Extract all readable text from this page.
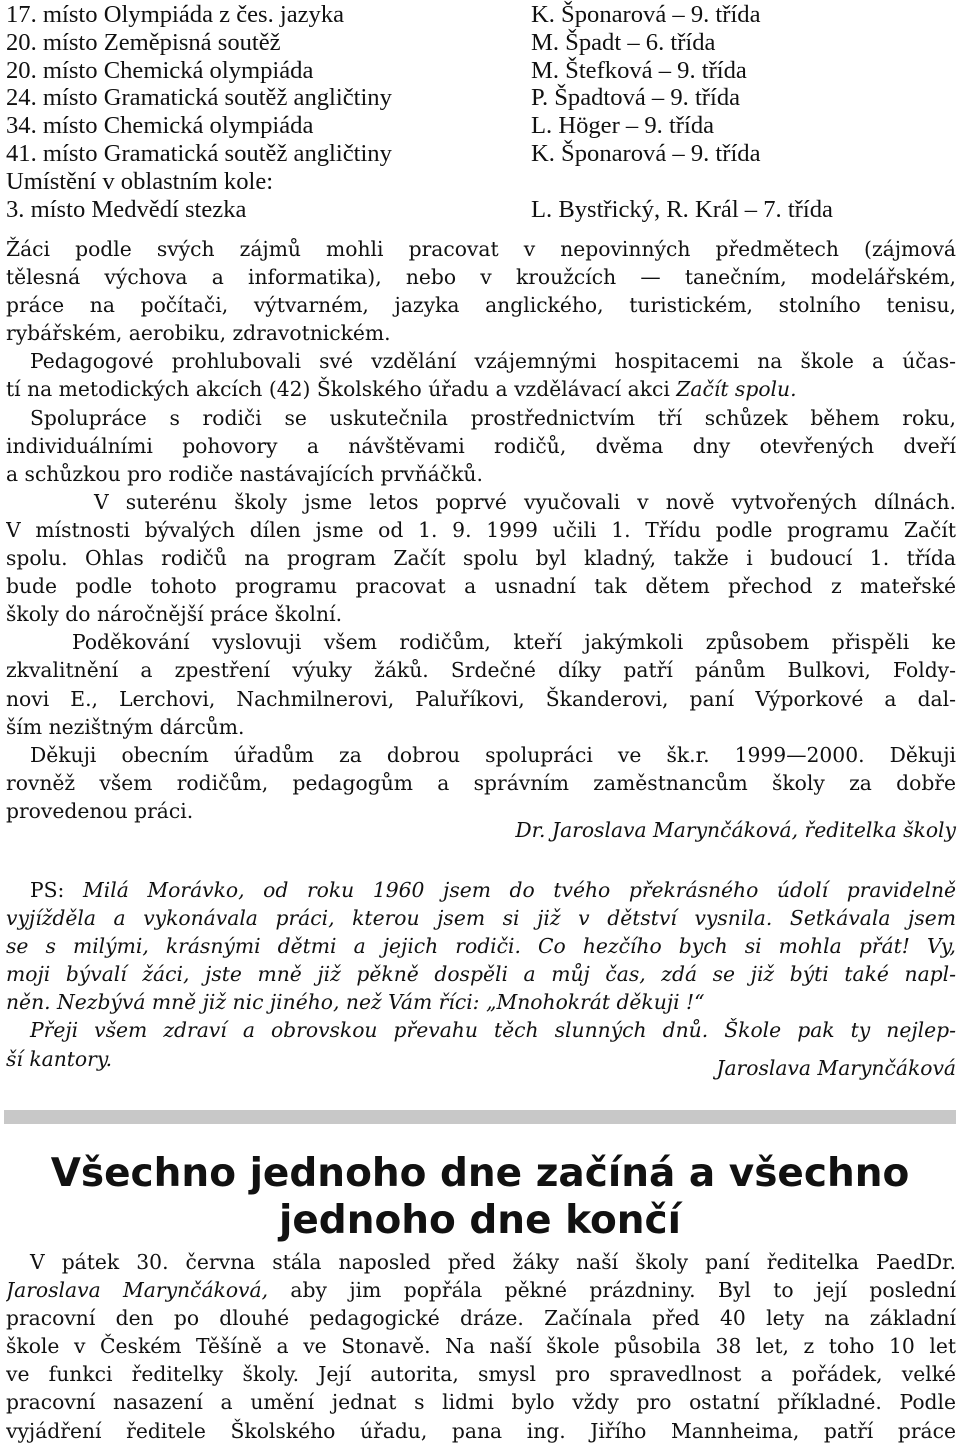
17. místo Olympiáda z čes. jazyka	K. Šponarová – 9. třída
20. místo Zeměpisná soutěž	M. Špadt – 6. třída
20. místo Chemická olympiáda	M. Štefková – 9. třída
24. místo Gramatická soutěž angličtiny	P. Špadtová – 9. třída
34. místo Chemická olympiáda	L. Höger – 9. třída
41. místo Gramatická soutěž angličtiny	K. Šponarová – 9. třída
Umístění v oblastním kole:
3. místo Medvědí stezka	L. Bystřický, R. Král – 7. třída
Žáci podle svých zájmů mohli pracovat v nepovinných předmětech (zájmová
tělesná výchova a informatika), nebo v kroužcích — tanečním, modelářském,
práce na počítači, výtvarném, jazyka anglického, turistickém, stolního tenisu,
rybářském, aerobiku, zdravotnickém.
Pedagogové prohlubovali své vzdělání vzájemnými hospitacemi na škole a účas-
tí na metodických akcích (42) Školského úřadu a vzdělávací akci Začít spolu.
Spolupráce s rodiči se uskutečnila prostřednictvím tří schůzek během roku,
individuálními pohovory a návštěvami rodičů, dvěma dny otevřených dveří
a schůzkou pro rodiče nastávajících prvňáčků.
V suterénu školy jsme letos poprvé vyučovali v nově vytvořených dílnách.
V místnosti bývalých dílen jsme od 1. 9. 1999 učili 1. Třídu podle programu Začít
spolu. Ohlas rodičů na program Začít spolu byl kladný, takže i budoucí 1. třída
bude podle tohoto programu pracovat a usnadní tak dětem přechod z mateřské
školy do náročnější práce školní.
Poděkování vyslovuji všem rodičům, kteří jakýmkoli způsobem přispěli ke
zkvalitnění a zpestření výuky žáků. Srdečné díky patří pánům Bulkovi, Foldy-
novi E., Lerchovi, Nachmilnerovi, Paluříkovi, Škanderovi, paní Výporkové a dal-
ším nezištným dárcům.
Děkuji obecním úřadům za dobrou spolupráci ve šk.r. 1999—2000. Děkuji
rovněž všem rodičům, pedagogům a správním zaměstnancům školy za dobře
provedenou práci.
Dr. Jaroslava Marynčáková, ředitelka školy
PS: Milá Morávko, od roku 1960 jsem do tvého překrásného údolí pravidelně
vyjížděla a vykonávala práci, kterou jsem si již v dětství vysnila. Setkávala jsem
se s milými, krásnými dětmi a jejich rodiči. Co hezčího bych si mohla přát! Vy,
moji bývalí žáci, jste mně již pěkně dospěli a můj čas, zdá se již býti také napl-
něn. Nezbývá mně již nic jiného, než Vám říci: „Mnohokrát děkuji !“
Přeji všem zdraví a obrovskou převahu těch slunných dnů. Škole pak ty nejlep-
ší kantory.	Jaroslava Marynčáková
Všechno jednoho dne začíná a všechno
jednoho dne končí
V pátek 30. června stála naposled před žáky naší školy paní ředitelka PaedDr.
Jaroslava Marynčáková, aby jim popřála pěkné prázdniny. Byl to její poslední
pracovní den po dlouhé pedagogické dráze. Začínala před 40 lety na základní
škole v Českém Těšíně a ve Stonavě. Na naší škole působila 38 let, z toho 10 let
ve funkci ředitelky školy. Její autorita, smysl pro spravedlnost a pořádek, velké
pracovní nasazení a umění jednat s lidmi bylo vždy pro ostatní příkladné. Podle
vyjádření ředitele Školského úřadu, pana ing. Jiřího Mannheima, patří práce
